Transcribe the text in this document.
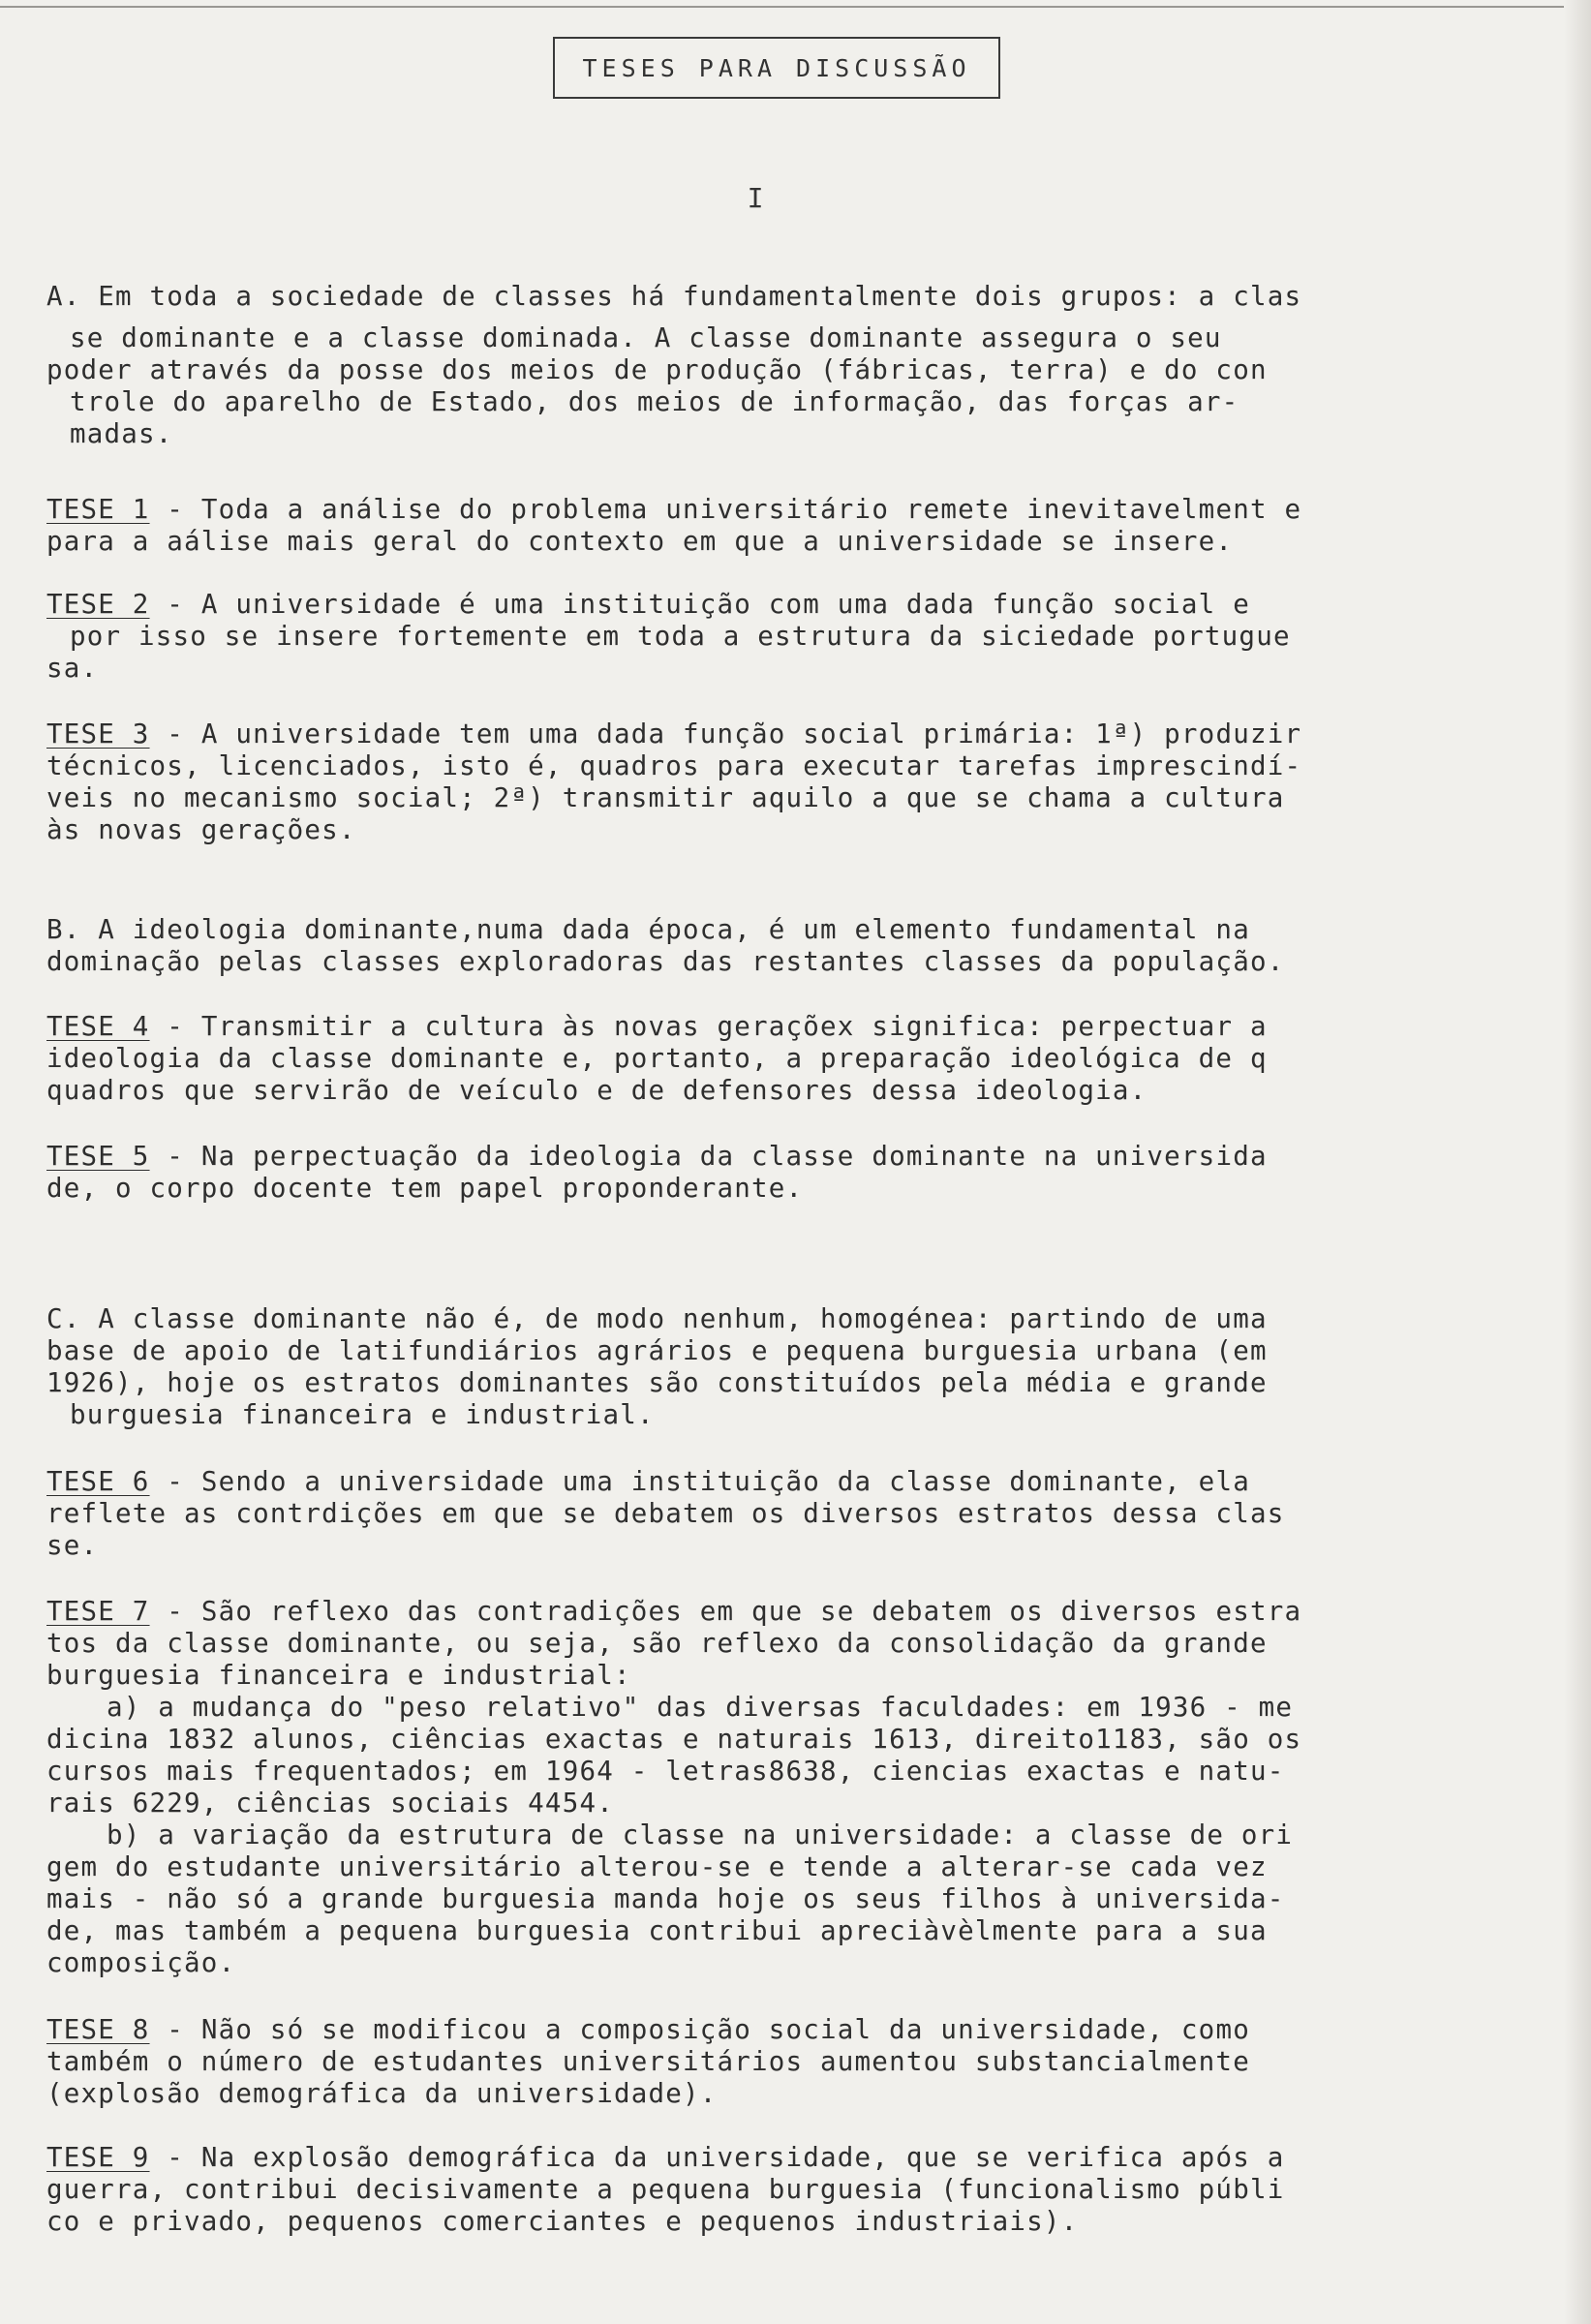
TESES PARA DISCUSSÃO
I
A. Em toda a sociedade de classes há fundamentalmente dois grupos: a clas
se dominante e a classe dominada. A classe dominante assegura o seu
poder através da posse dos meios de produção (fábricas, terra) e do con
trole do aparelho de Estado, dos meios de informação, das forças ar-
madas.
TESE 1 - Toda a análise do problema universitário remete inevitavelment e
para a aálise mais geral do contexto em que a universidade se insere.
TESE 2 - A universidade é uma instituição com uma dada função social e
por isso se insere fortemente em toda a estrutura da siciedade portugue
sa.
TESE 3 - A universidade tem uma dada função social primária: 1ª) produzir
técnicos, licenciados, isto é, quadros para executar tarefas imprescindí-
veis no mecanismo social; 2ª) transmitir aquilo a que se chama a cultura
às novas gerações.
B. A ideologia dominante,numa dada época, é um elemento fundamental na
dominação pelas classes exploradoras das restantes classes da população.
TESE 4 - Transmitir a cultura às novas geraçõex significa: perpectuar a
ideologia da classe dominante e, portanto, a preparação ideológica de q
quadros que servirão de veículo e de defensores dessa ideologia.
TESE 5 - Na perpectuação da ideologia da classe dominante na universida
de, o corpo docente tem papel proponderante.
C. A classe dominante não é, de modo nenhum, homogénea: partindo de uma
base de apoio de latifundiários agrários e pequena burguesia urbana (em
1926), hoje os estratos dominantes são constituídos pela média e grande
burguesia financeira e industrial.
TESE 6 - Sendo a universidade uma instituição da classe dominante, ela
reflete as contrdições em que se debatem os diversos estratos dessa clas
se.
TESE 7 - São reflexo das contradições em que se debatem os diversos estra
tos da classe dominante, ou seja, são reflexo da consolidação da grande
burguesia financeira e industrial:
a) a mudança do "peso relativo" das diversas faculdades: em 1936 - me
dicina 1832 alunos, ciências exactas e naturais 1613, direito1183, são os
cursos mais frequentados; em 1964 - letras8638, ciencias exactas e natu-
rais 6229, ciências sociais 4454.
b) a variação da estrutura de classe na universidade: a classe de ori
gem do estudante universitário alterou-se e tende a alterar-se cada vez
mais - não só a grande burguesia manda hoje os seus filhos à universida-
de, mas também a pequena burguesia contribui apreciàvèlmente para a sua
composição.
TESE 8 - Não só se modificou a composição social da universidade, como
também o número de estudantes universitários aumentou substancialmente
(explosão demográfica da universidade).
TESE 9 - Na explosão demográfica da universidade, que se verifica após a
guerra, contribui decisivamente a pequena burguesia (funcionalismo públi
co e privado, pequenos comerciantes e pequenos industriais).
